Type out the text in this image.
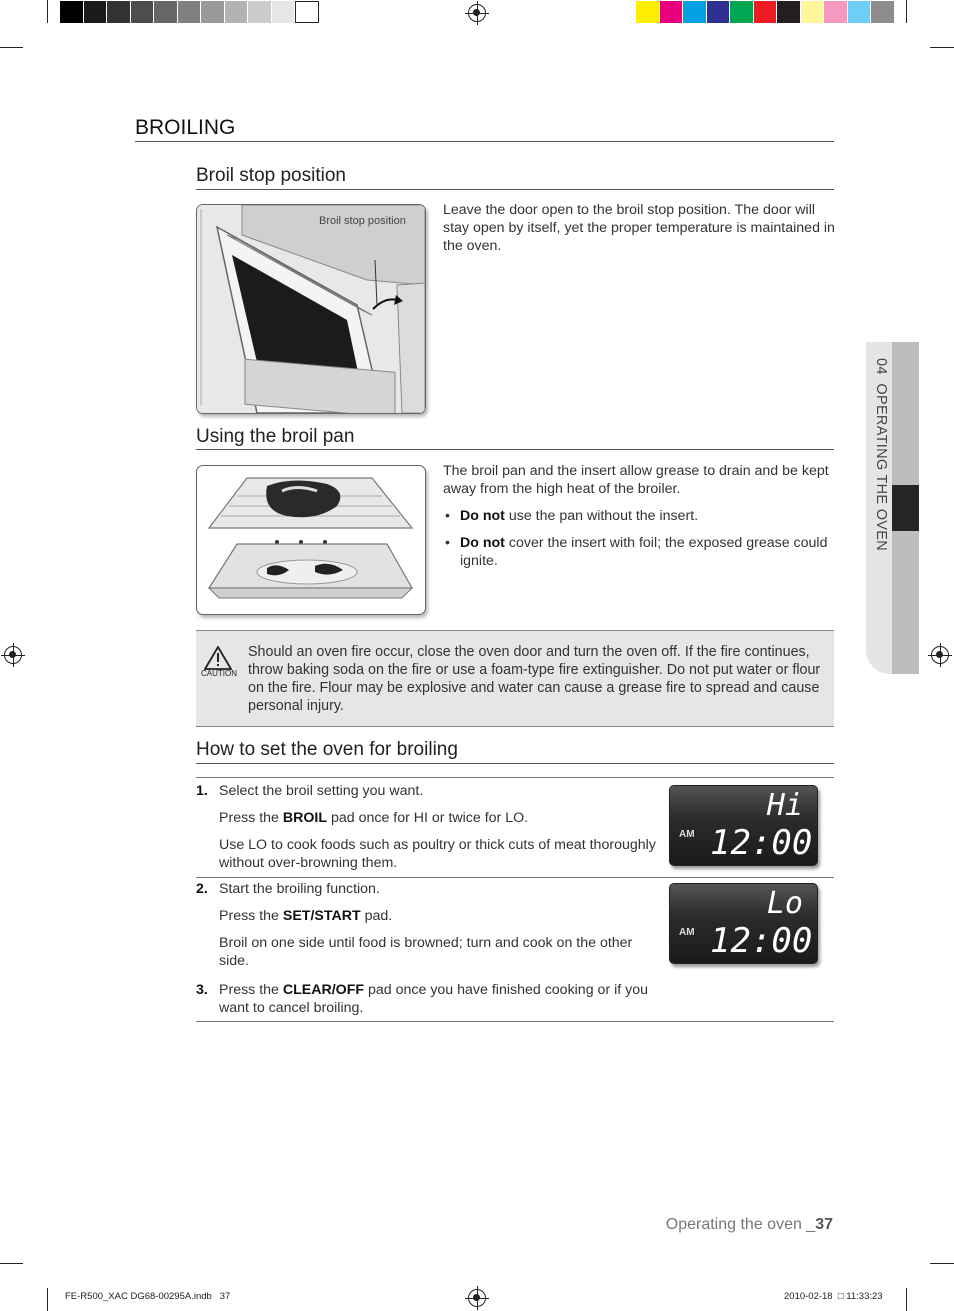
04  OPERATING THE OVEN
BROILING
Broil stop position
Broil stop position
Leave the door open to the broil stop position. The door will stay open by itself, yet the proper temperature is maintained in the oven.
Using the broil pan

The broil pan and the insert allow grease to drain and be kept away from the high heat of the broiler.

• Do not use the pan without the insert.

• Do not cover the insert with foil; the exposed grease could ignite.

CAUTION
Should an oven fire occur, close the oven door and turn the oven off. If the fire continues, throw baking soda on the fire or use a foam-type fire extinguisher. Do not put water or flour on the fire. Flour may be explosive and water can cause a grease fire to spread and cause personal injury.
How to set the oven for broiling
1. Select the broil setting you want.

Press the BROIL pad once for HI or twice for LO.

Use LO to cook foods such as poultry or thick cuts of meat thoroughly without over-browning them.

2. Start the broiling function.

Press the SET/START pad.

Broil on one side until food is browned; turn and cook on the other side.

3. Press the CLEAR/OFF pad once you have finished cooking or if you want to cancel broiling.

Hi
AM 12:00
Lo
AM 12:00
Operating the oven _37
FE-R500_XAC DG68-00295A.indb   37	2010-02-18 □ 11:33:23
